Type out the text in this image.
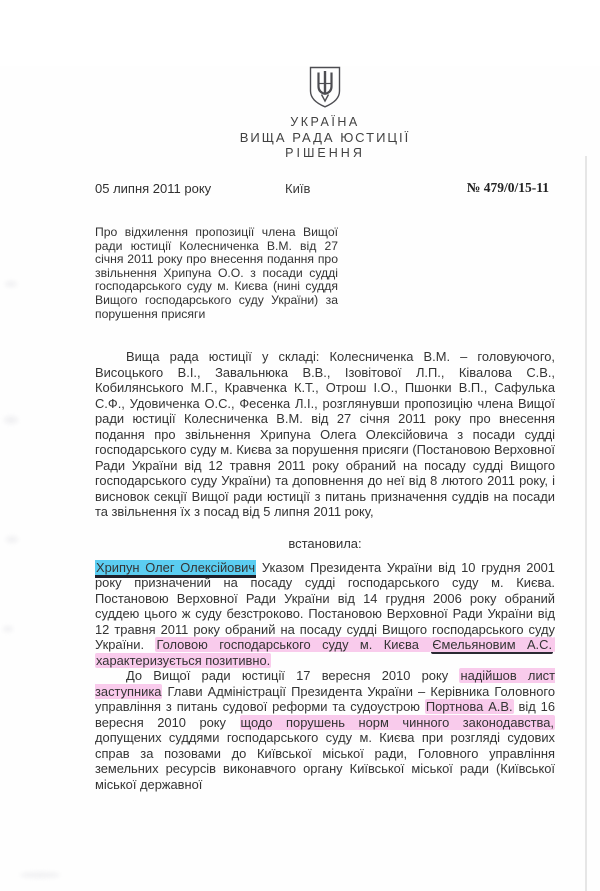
УКРАЇНА
ВИЩА РАДА ЮСТИЦІЇ
РІШЕННЯ
05 липня 2011 року	Київ	№ 479/0/15-11
Про відхилення пропозиції члена Вищої ради юстиції Колесниченка В.М. від 27 січня 2011 року про внесення подання про звільнення Хрипуна О.О. з посади судді господарського суду м. Києва (нині суддя Вищого господарського суду України) за порушення присяги

Вища рада юстиції у складі: Колесниченка В.М. – головуючого, Висоцького В.І., Завальнюка В.В., Ізовітової Л.П., Ківалова С.В., Кобилянського М.Г., Кравченка К.Т., Отрош І.О., Пшонки В.П., Сафулька С.Ф., Удовиченка О.С., Фесенка Л.І., розглянувши пропозицію члена Вищої ради юстиції Колесниченка В.М. від 27 січня 2011 року про внесення подання про звільнення Хрипуна Олега Олексійовича з посади судді господарського суду м. Києва за порушення присяги (Постановою Верховної Ради України від 12 травня 2011 року обраний на посаду судді Вищого господарського суду України) та доповнення до неї від 8 лютого 2011 року, і висновок секції Вищої ради юстиції з питань призначення суддів на посади та звільнення їх з посад від 5 липня 2011 року,

встановила:

Хрипун Олег Олексійович Указом Президента України від 10 грудня 2001 року призначений на посаду судді господарського суду м. Києва. Постановою Верховної Ради України від 14 грудня 2006 року обраний суддею цього ж суду безстроково. Постановою Верховної Ради України від 12 травня 2011 року обраний на посаду судді Вищого господарського суду України. Головою господарського суду м. Києва Ємельяновим А.С. характеризується позитивно.

До Вищої ради юстиції 17 вересня 2010 року надійшов лист заступника Глави Адміністрації Президента України – Керівника Головного управління з питань судової реформи та судоустрою Портнова А.В. від 16 вересня 2010 року щодо порушень норм чинного законодавства, допущених суддями господарського суду м. Києва при розгляді судових справ за позовами до Київської міської ради, Головного управління земельних ресурсів виконавчого органу Київської міської ради (Київської міської державної
